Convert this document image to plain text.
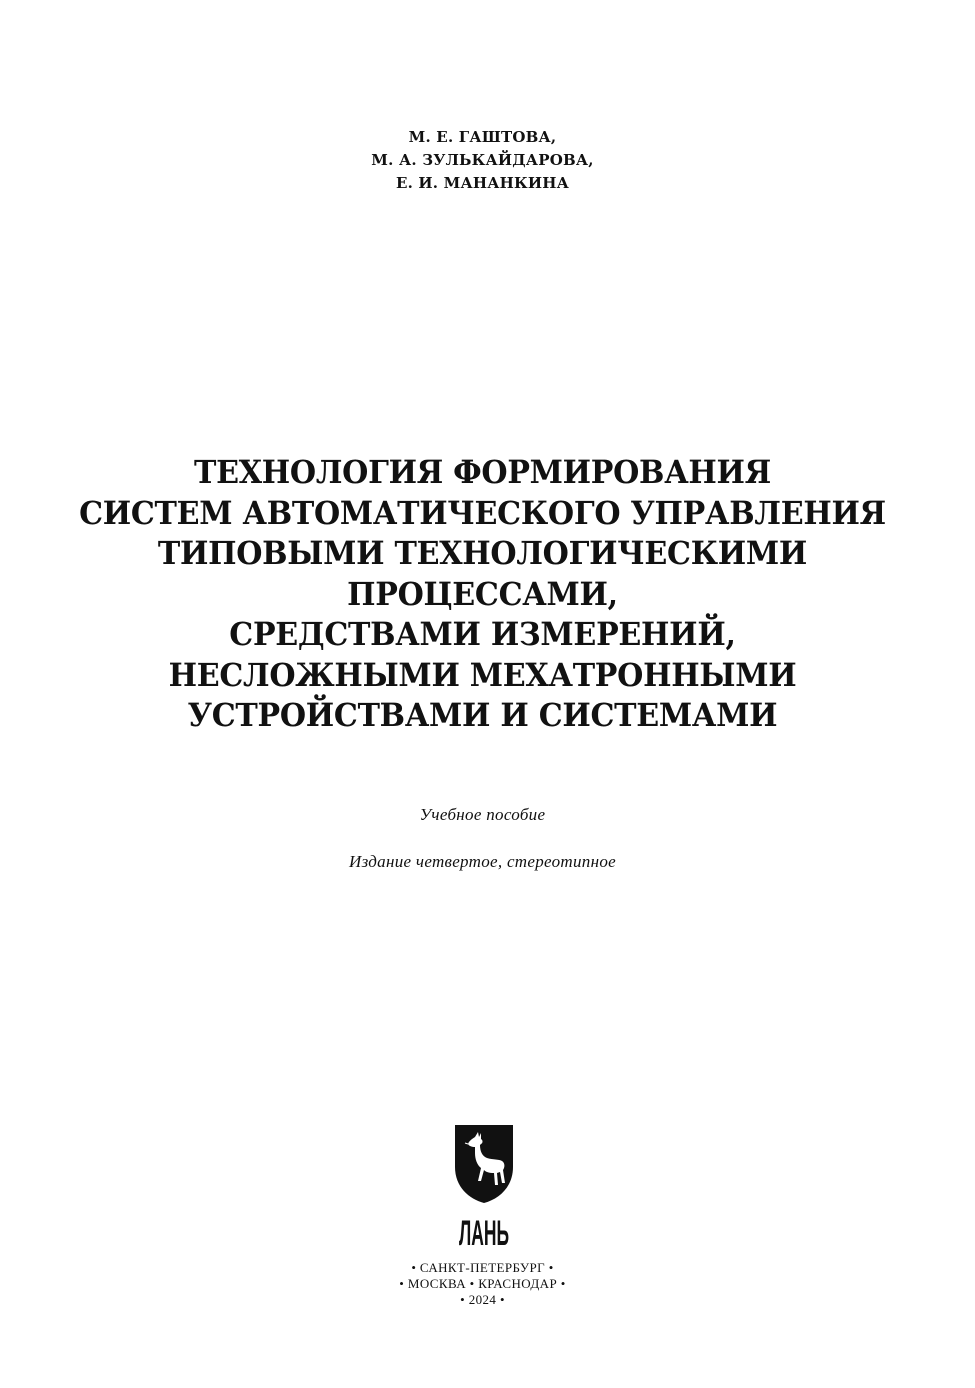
М. Е. ГАШТОВА,
М. А. ЗУЛЬКАЙДАРОВА,
Е. И. МАНАНКИНА
ТЕХНОЛОГИЯ ФОРМИРОВАНИЯ
СИСТЕМ АВТОМАТИЧЕСКОГО УПРАВЛЕНИЯ
ТИПОВЫМИ ТЕХНОЛОГИЧЕСКИМИ
ПРОЦЕССАМИ,
СРЕДСТВАМИ ИЗМЕРЕНИЙ,
НЕСЛОЖНЫМИ МЕХАТРОННЫМИ
УСТРОЙСТВАМИ И СИСТЕМАМИ
Учебное пособие
Издание четвертое, стереотипное
ЛАНЬ
• САНКТ-ПЕТЕРБУРГ •
• МОСКВА • КРАСНОДАР •
• 2024 •
